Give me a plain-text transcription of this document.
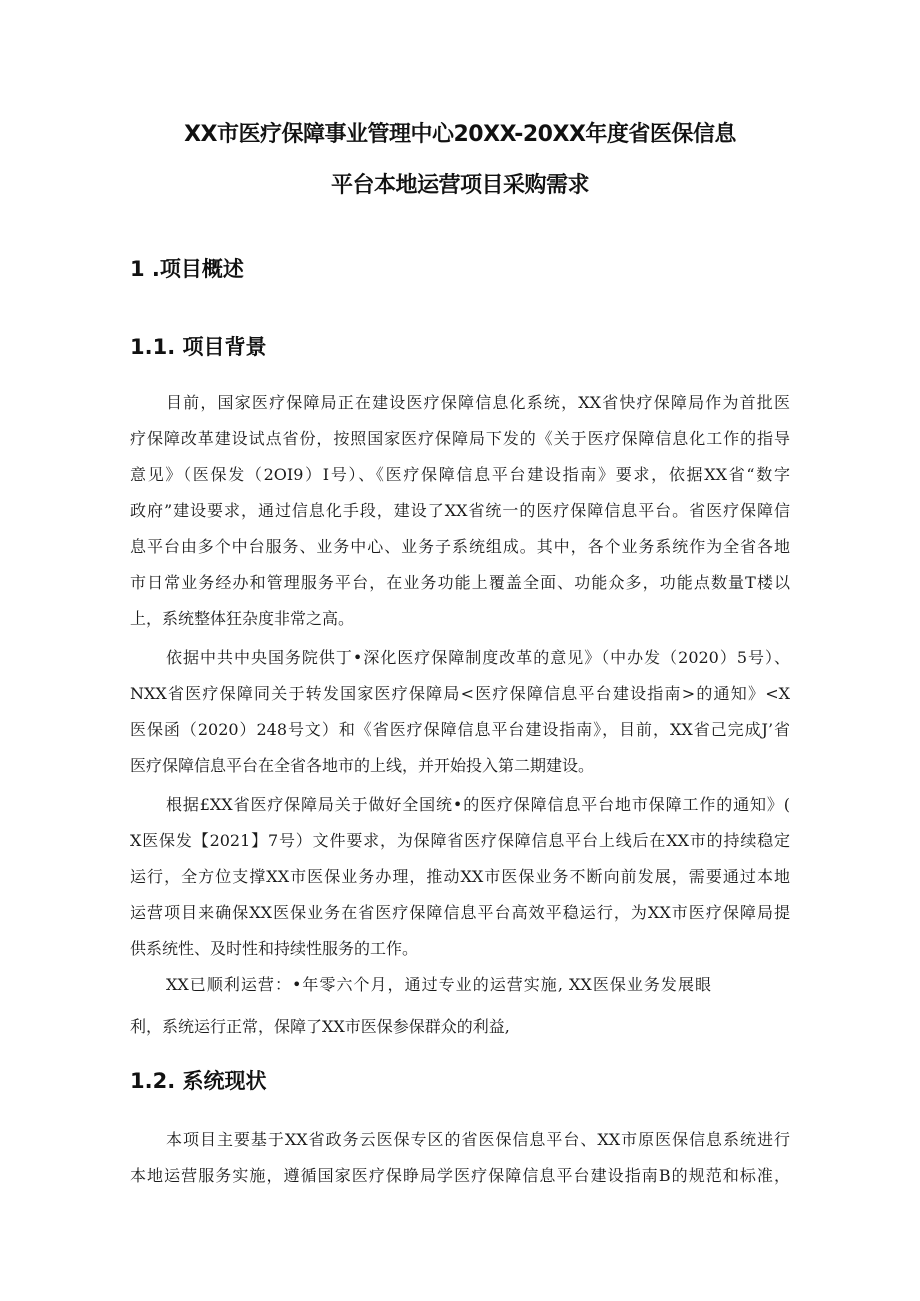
XX市医疗保障事业管理中心20XX-20XX年度省医保信息
平台本地运营项目采购需求
1 .项目概述
1.1. 项目背景
目前，国家医疗保障局正在建设医疗保障信息化系统，XX省快疗保障局作为首批医
疗保障改革建设试点省份，按照国家医疗保障局下发的《关于医疗保障信息化工作的指导
意见》（医保发（2OI9）I号）、《医疗保障信息平台建设指南》要求，依据XX省“数字
政府”建设要求，通过信息化手段，建设了XX省统一的医疗保障信息平台。省医疗保障信
息平台由多个中台服务、业务中心、业务子系统组成。其中，各个业务系统作为全省各地
市日常业务经办和管理服务平台，在业务功能上覆盖全面、功能众多，功能点数量T楼以
上，系统整体狂杂度非常之高。
依据中共中央国务院供丁•深化医疗保障制度改革的意见》（中办发（2020）5号）、
NXX省医疗保障同关于转发国家医疗保障局<医疗保障信息平台建设指南>的通知》<X
医保函（2020）248号文）和《省医疗保障信息平台建设指南》，目前，XX省己完成J’省
医疗保障信息平台在全省各地市的上线，并开始投入第二期建设。
根据£XX省医疗保障局关于做好全国统•的医疗保障信息平台地市保障工作的通知》(
X医保发【2021】7号）文件要求，为保障省医疗保障信息平台上线后在XX市的持续稳定
运行，全方位支撑XX市医保业务办理，推动XX市医保业务不断向前发展，需要通过本地
运营项目来确保XX医保业务在省医疗保障信息平台高效平稳运行，为XX市医疗保障局提
供系统性、及时性和持续性服务的工作。
XX已顺利运营：•年零六个月，通过专业的运营实施, XX医保业务发展眼
利，系统运行正常，保障了XX市医保参保群众的利益,
1.2. 系统现状
本项目主要基于XX省政务云医保专区的省医保信息平台、XX市原医保信息系统进行
本地运营服务实施，遵循国家医疗保睁局学医疗保障信息平台建设指南B的规范和标准，
